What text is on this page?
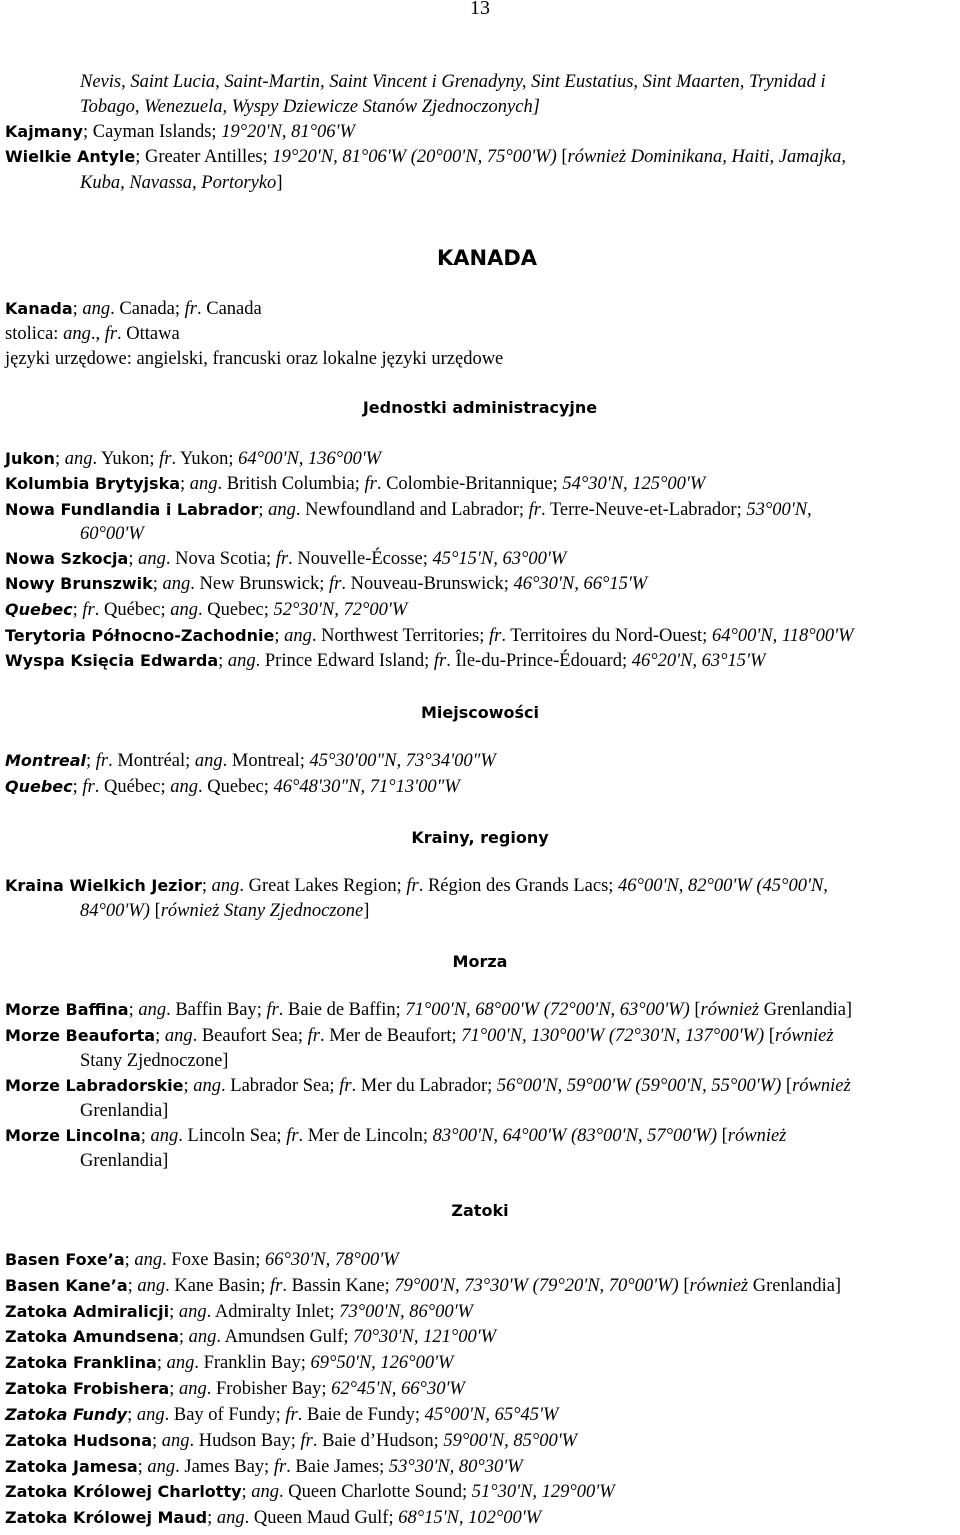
13
Nevis, Saint Lucia, Saint-Martin, Saint Vincent i Grenadyny, Sint Eustatius, Sint Maarten, Trynidad i
Tobago, Wenezuela, Wyspy Dziewicze Stanów Zjednoczonych]
Kajmany; Cayman Islands; 19°20'N, 81°06'W
Wielkie Antyle; Greater Antilles; 19°20'N, 81°06'W (20°00'N, 75°00'W) [również Dominikana, Haiti, Jamajka,
Kuba, Navassa, Portoryko]
KANADA
Kanada; ang. Canada; fr. Canada
stolica: ang., fr. Ottawa
języki urzędowe: angielski, francuski oraz lokalne języki urzędowe
Jednostki administracyjne
Jukon; ang. Yukon; fr. Yukon; 64°00'N, 136°00'W
Kolumbia Brytyjska; ang. British Columbia; fr. Colombie-Britannique; 54°30'N, 125°00'W
Nowa Fundlandia i Labrador; ang. Newfoundland and Labrador; fr. Terre-Neuve-et-Labrador; 53°00'N,
60°00'W
Nowa Szkocja; ang. Nova Scotia; fr. Nouvelle-Écosse; 45°15'N, 63°00'W
Nowy Brunszwik; ang. New Brunswick; fr. Nouveau-Brunswick; 46°30'N, 66°15'W
Quebec; fr. Québec; ang. Quebec; 52°30'N, 72°00'W
Terytoria Północno-Zachodnie; ang. Northwest Territories; fr. Territoires du Nord-Ouest; 64°00'N, 118°00'W
Wyspa Księcia Edwarda; ang. Prince Edward Island; fr. Île-du-Prince-Édouard; 46°20'N, 63°15'W
Miejscowości
Montreal; fr. Montréal; ang. Montreal; 45°30'00"N, 73°34'00"W
Quebec; fr. Québec; ang. Quebec; 46°48'30"N, 71°13'00"W
Krainy, regiony
Kraina Wielkich Jezior; ang. Great Lakes Region; fr. Région des Grands Lacs; 46°00'N, 82°00'W (45°00'N,
84°00'W) [również Stany Zjednoczone]
Morza
Morze Baffina; ang. Baffin Bay; fr. Baie de Baffin; 71°00'N, 68°00'W (72°00'N, 63°00'W) [również Grenlandia]
Morze Beauforta; ang. Beaufort Sea; fr. Mer de Beaufort; 71°00'N, 130°00'W (72°30'N, 137°00'W) [również
Stany Zjednoczone]
Morze Labradorskie; ang. Labrador Sea; fr. Mer du Labrador; 56°00'N, 59°00'W (59°00'N, 55°00'W) [również
Grenlandia]
Morze Lincolna; ang. Lincoln Sea; fr. Mer de Lincoln; 83°00'N, 64°00'W (83°00'N, 57°00'W) [również
Grenlandia]
Zatoki
Basen Foxe’a; ang. Foxe Basin; 66°30'N, 78°00'W
Basen Kane’a; ang. Kane Basin; fr. Bassin Kane; 79°00'N, 73°30'W (79°20'N, 70°00'W) [również Grenlandia]
Zatoka Admiralicji; ang. Admiralty Inlet; 73°00'N, 86°00'W
Zatoka Amundsena; ang. Amundsen Gulf; 70°30'N, 121°00'W
Zatoka Franklina; ang. Franklin Bay; 69°50'N, 126°00'W
Zatoka Frobishera; ang. Frobisher Bay; 62°45'N, 66°30'W
Zatoka Fundy; ang. Bay of Fundy; fr. Baie de Fundy; 45°00'N, 65°45'W
Zatoka Hudsona; ang. Hudson Bay; fr. Baie d’Hudson; 59°00'N, 85°00'W
Zatoka Jamesa; ang. James Bay; fr. Baie James; 53°30'N, 80°30'W
Zatoka Królowej Charlotty; ang. Queen Charlotte Sound; 51°30'N, 129°00'W
Zatoka Królowej Maud; ang. Queen Maud Gulf; 68°15'N, 102°00'W
